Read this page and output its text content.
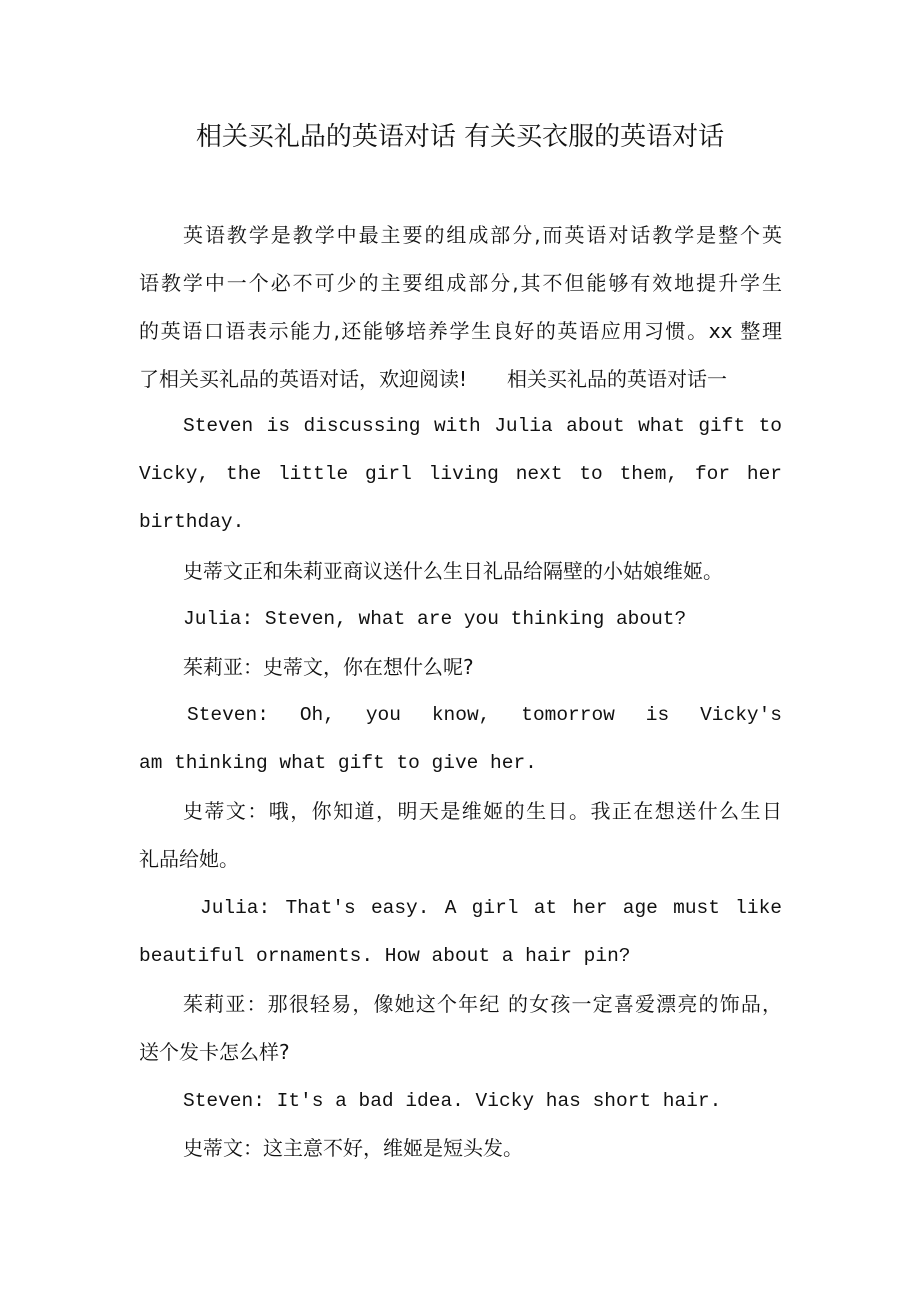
相关买礼品的英语对话 有关买衣服的英语对话
英语教学是教学中最主要的组成部分,而英语对话教学是整个英
语教学中一个必不可少的主要组成部分,其不但能够有效地提升学生
的英语口语表示能力,还能够培养学生良好的英语应用习惯。xx 整理
了相关买礼品的英语对话，欢迎阅读!　　相关买礼品的英语对话一
Steven is discussing with Julia about what gift to
Vicky, the little girl living next to them, for her
birthday.
史蒂文正和朱莉亚商议送什么生日礼品给隔壁的小姑娘维姬。
Julia: Steven, what are you thinking about?
茱莉亚：史蒂文，你在想什么呢?
Steven: Oh, you know, tomorrow is Vicky's
am thinking what gift to give her.
史蒂文：哦，你知道，明天是维姬的生日。我正在想送什么生日
礼品给她。
Julia: That's easy. A girl at her age must like
beautiful ornaments. How about a hair pin?
茱莉亚：那很轻易，像她这个年纪 的女孩一定喜爱漂亮的饰品，
送个发卡怎么样?
Steven: It's a bad idea. Vicky has short hair.
史蒂文：这主意不好，维姬是短头发。
